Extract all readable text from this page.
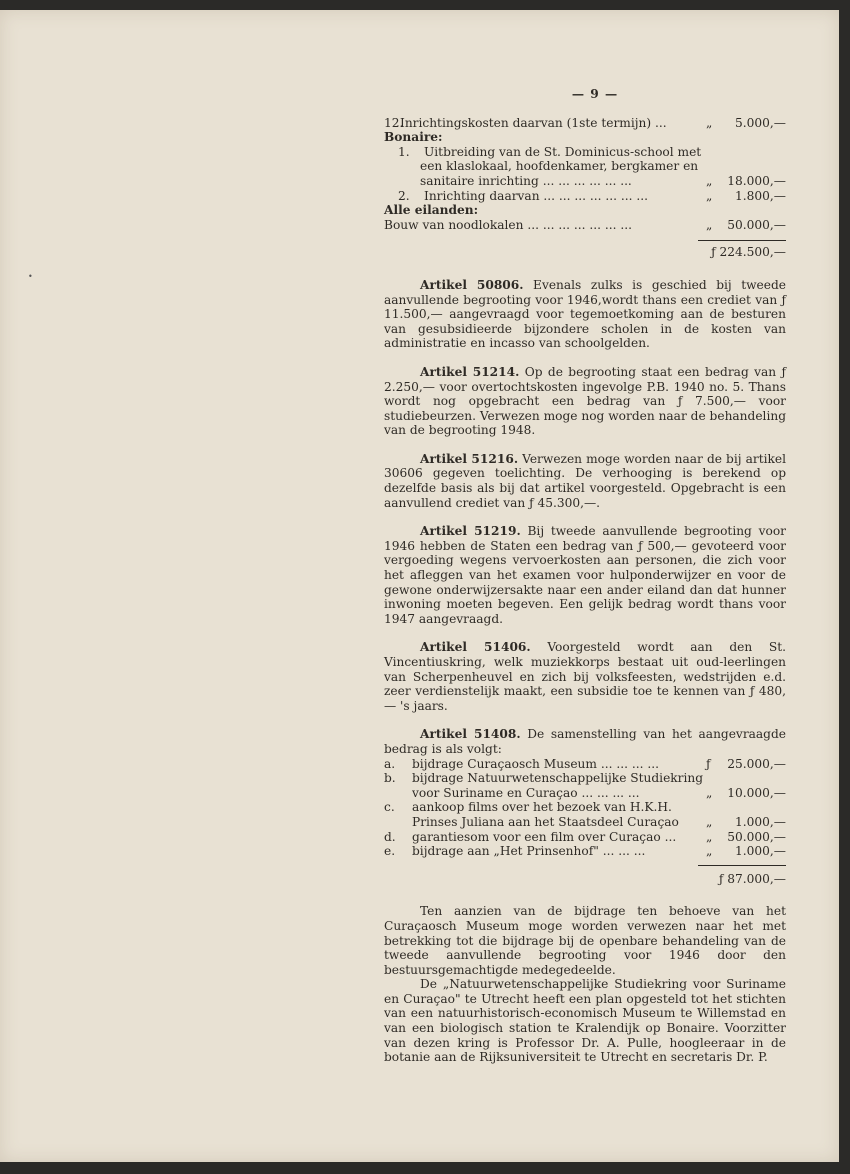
•
— 9 —
12.
Inrichtingskosten daarvan (1ste termijn) ...	„	5.000,—
Bonaire:
1.	Uitbreiding van de St. Dominicus-school met
een klaslokaal, hoofdenkamer, bergkamer en
sanitaire inrichting ... ... ... ... ... ...	„	18.000,—
2.	Inrichting daarvan ... ... ... ... ... ... ...	„	1.800,—
Alle eilanden:
Bouw van noodlokalen ... ... ... ... ... ... ...	„	50.000,—
ƒ 224.500,—

Artikel 50806. Evenals zulks is geschied bij tweede aanvullende begrooting voor 1946,wordt thans een crediet van ƒ 11.500,— aangevraagd voor tegemoetkoming aan de besturen van gesubsidieerde bijzondere scholen in de kosten van administratie en incasso van schoolgelden.

Artikel 51214. Op de begrooting staat een bedrag van ƒ 2.250,— voor overtochtskosten ingevolge P.B. 1940 no. 5. Thans wordt nog opgebracht een bedrag van ƒ 7.500,— voor studiebeurzen. Verwezen moge nog worden naar de behandeling van de begrooting 1948.

Artikel 51216. Verwezen moge worden naar de bij artikel 30606 gegeven toelichting. De verhooging is berekend op dezelfde basis als bij dat artikel voorgesteld. Opgebracht is een aanvullend crediet van ƒ 45.300,—.

Artikel 51219. Bij tweede aanvullende begrooting voor 1946 hebben de Staten een bedrag van ƒ 500,— gevoteerd voor vergoeding wegens vervoerkosten aan personen, die zich voor het afleggen van het examen voor hulponderwijzer en voor de gewone onderwijzersakte naar een ander eiland dan dat hunner inwoning moeten begeven. Een gelijk bedrag wordt thans voor 1947 aangevraagd.

Artikel 51406. Voorgesteld wordt aan den St. Vincentiuskring, welk muziekkorps bestaat uit oud-leerlingen van Scherpenheuvel en zich bij volksfeesten, wedstrijden e.d. zeer verdienstelijk maakt, een subsidie toe te kennen van ƒ 480,— 's jaars.

Artikel 51408. De samenstelling van het aangevraagde bedrag is als volgt:

a.	bijdrage Curaçaosch Museum ... ... ... ...	ƒ	25.000,—
b.	bijdrage Natuurwetenschappelijke Studiekring
voor Suriname en Curaçao ... ... ... ...	„	10.000,—
c.	aankoop films over het bezoek van H.K.H.
Prinses Juliana aan het Staatsdeel Curaçao	„	1.000,—
d.	garantiesom voor een film over Curaçao ...	„	50.000,—
e.	bijdrage aan „Het Prinsenhof" ... ... ...	„	1.000,—
ƒ 87.000,—

Ten aanzien van de bijdrage ten behoeve van het Curaçaosch Museum moge worden verwezen naar het met betrekking tot die bijdrage bij de openbare behandeling van de tweede aanvullende begrooting voor 1946 door den bestuursgemachtigde medegedeelde.

De „Natuurwetenschappelijke Studiekring voor Suriname en Curaçao" te Utrecht heeft een plan opgesteld tot het stichten van een natuurhistorisch-economisch Museum te Willemstad en van een biologisch station te Kralendijk op Bonaire. Voorzitter van dezen kring is Professor Dr. A. Pulle, hoogleeraar in de botanie aan de Rijksuniversiteit te Utrecht en secretaris Dr. P.
